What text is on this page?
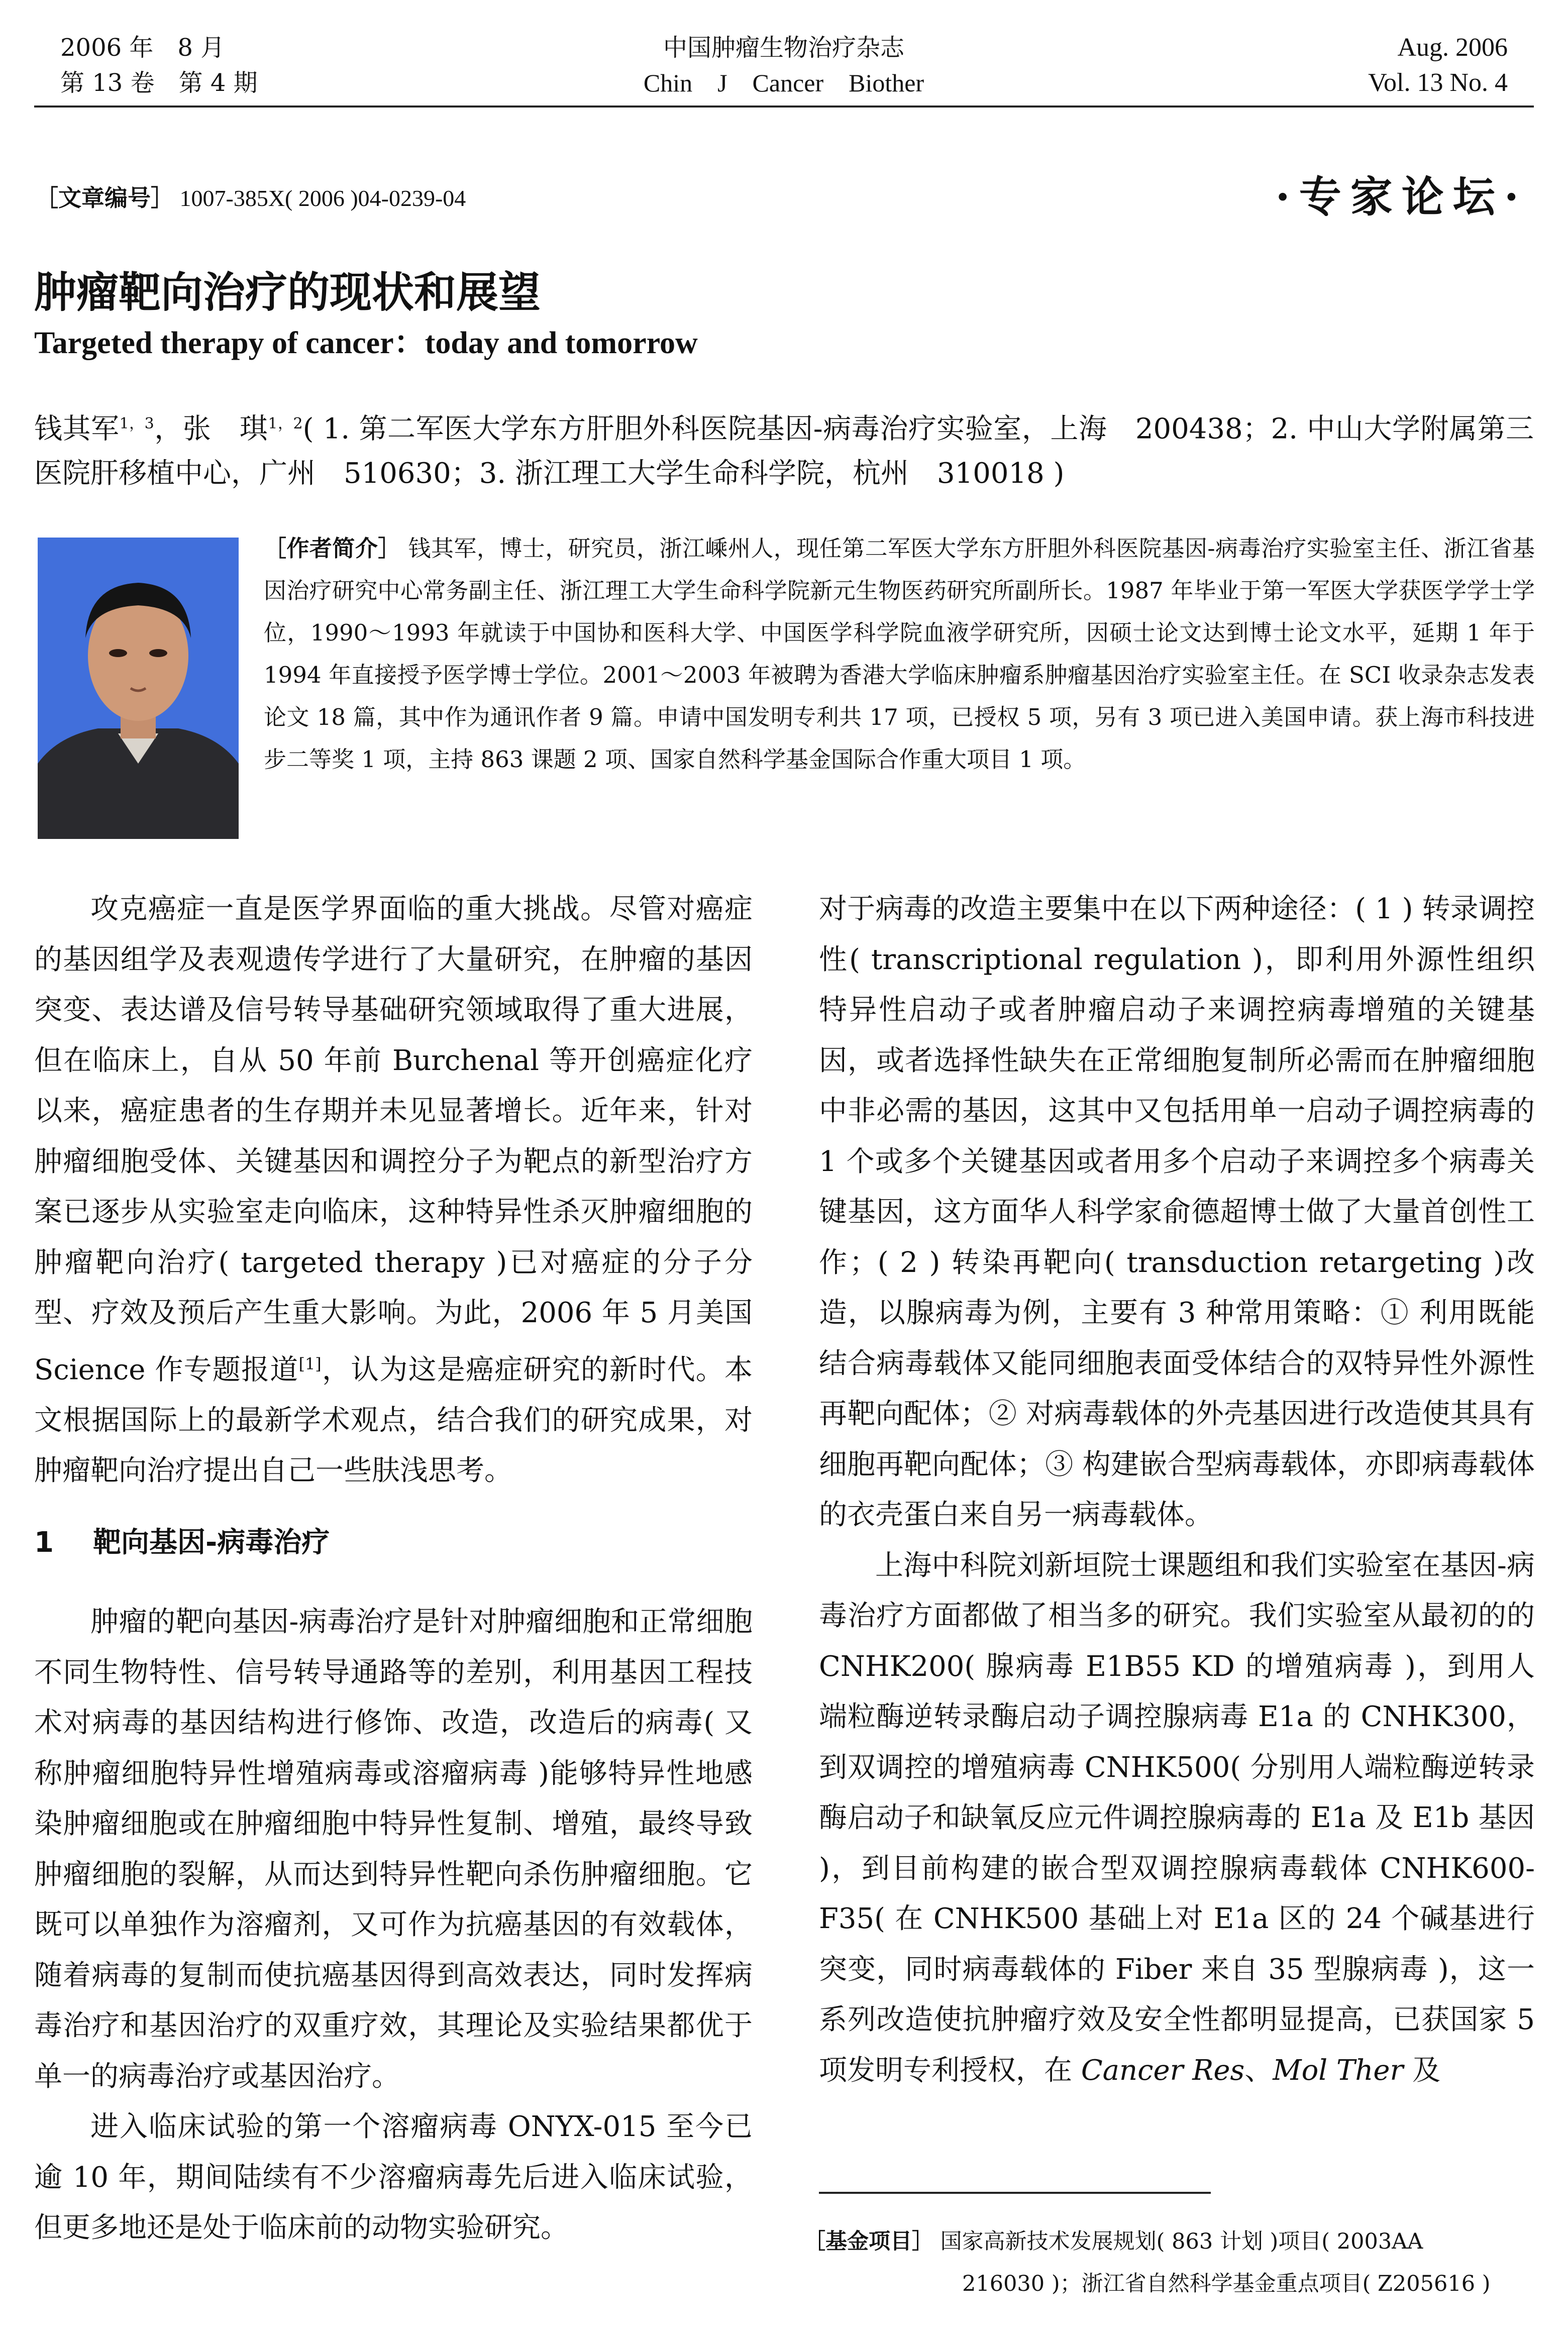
2006 年　8 月
第 13 卷　第 4 期
中国肿瘤生物治疗杂志
Chin　J　Cancer　Biother
Aug. 2006
Vol. 13 No. 4
［文章编号］ 1007-385X( 2006 )04-0239-04	·专家论坛·
肿瘤靶向治疗的现状和展望
Targeted therapy of cancer：today and tomorrow
钱其军$^{1,3}$，张　琪$^{1,2}$( 1. 第二军医大学东方肝胆外科医院基因-病毒治疗实验室，上海　200438；2. 中山大学附属第三医院肝移植中心，广州　510630；3. 浙江理工大学生命科学院，杭州　310018 )
［作者简介］ 钱其军，博士，研究员，浙江嵊州人，现任第二军医大学东方肝胆外科医院基因-病毒治疗实验室主任、浙江省基因治疗研究中心常务副主任、浙江理工大学生命科学院新元生物医药研究所副所长。1987 年毕业于第一军医大学获医学学士学位，1990～1993 年就读于中国协和医科大学、中国医学科学院血液学研究所，因硕士论文达到博士论文水平，延期 1 年于 1994 年直接授予医学博士学位。2001～2003 年被聘为香港大学临床肿瘤系肿瘤基因治疗实验室主任。在 SCI 收录杂志发表论文 18 篇，其中作为通讯作者 9 篇。申请中国发明专利共 17 项，已授权 5 项，另有 3 项已进入美国申请。获上海市科技进步二等奖 1 项，主持 863 课题 2 项、国家自然科学基金国际合作重大项目 1 项。

攻克癌症一直是医学界面临的重大挑战。尽管对癌症的基因组学及表观遗传学进行了大量研究，在肿瘤的基因突变、表达谱及信号转导基础研究领域取得了重大进展，但在临床上，自从 50 年前 Burchenal 等开创癌症化疗以来，癌症患者的生存期并未见显著增长。近年来，针对肿瘤细胞受体、关键基因和调控分子为靶点的新型治疗方案已逐步从实验室走向临床，这种特异性杀灭肿瘤细胞的肿瘤靶向治疗( targeted therapy )已对癌症的分子分型、疗效及预后产生重大影响。为此，2006 年 5 月美国 Science 作专题报道[1]，认为这是癌症研究的新时代。本文根据国际上的最新学术观点，结合我们的研究成果，对肿瘤靶向治疗提出自己一些肤浅思考。

1 靶向基因-病毒治疗

肿瘤的靶向基因-病毒治疗是针对肿瘤细胞和正常细胞不同生物特性、信号转导通路等的差别，利用基因工程技术对病毒的基因结构进行修饰、改造，改造后的病毒( 又称肿瘤细胞特异性增殖病毒或溶瘤病毒 )能够特异性地感染肿瘤细胞或在肿瘤细胞中特异性复制、增殖，最终导致肿瘤细胞的裂解，从而达到特异性靶向杀伤肿瘤细胞。它既可以单独作为溶瘤剂，又可作为抗癌基因的有效载体，随着病毒的复制而使抗癌基因得到高效表达，同时发挥病毒治疗和基因治疗的双重疗效，其理论及实验结果都优于单一的病毒治疗或基因治疗。

进入临床试验的第一个溶瘤病毒 ONYX-015 至今已逾 10 年，期间陆续有不少溶瘤病毒先后进入临床试验，但更多地还是处于临床前的动物实验研究。

对于病毒的改造主要集中在以下两种途径：( 1 ) 转录调控性( transcriptional regulation )，即利用外源性组织特异性启动子或者肿瘤启动子来调控病毒增殖的关键基因，或者选择性缺失在正常细胞复制所必需而在肿瘤细胞中非必需的基因，这其中又包括用单一启动子调控病毒的 1 个或多个关键基因或者用多个启动子来调控多个病毒关键基因，这方面华人科学家俞德超博士做了大量首创性工作；( 2 ) 转染再靶向( transduction retargeting )改造，以腺病毒为例，主要有 3 种常用策略：① 利用既能结合病毒载体又能同细胞表面受体结合的双特异性外源性再靶向配体；② 对病毒载体的外壳基因进行改造使其具有细胞再靶向配体；③ 构建嵌合型病毒载体，亦即病毒载体的衣壳蛋白来自另一病毒载体。

上海中科院刘新垣院士课题组和我们实验室在基因-病毒治疗方面都做了相当多的研究。我们实验室从最初的的 CNHK200( 腺病毒 E1B55 KD 的增殖病毒 )，到用人端粒酶逆转录酶启动子调控腺病毒 E1a 的 CNHK300，到双调控的增殖病毒 CNHK500( 分别用人端粒酶逆转录酶启动子和缺氧反应元件调控腺病毒的 E1a 及 E1b 基因 )，到目前构建的嵌合型双调控腺病毒载体 CNHK600-F35( 在 CNHK500 基础上对 E1a 区的 24 个碱基进行突变，同时病毒载体的 Fiber 来自 35 型腺病毒 )，这一系列改造使抗肿瘤疗效及安全性都明显提高，已获国家 5 项发明专利授权，在 Cancer Res、Mol Ther 及

［基金项目］ 国家高新技术发展规划( 863 计划 )项目( 2003AA
216030 )；浙江省自然科学基金重点项目( Z205616 )
